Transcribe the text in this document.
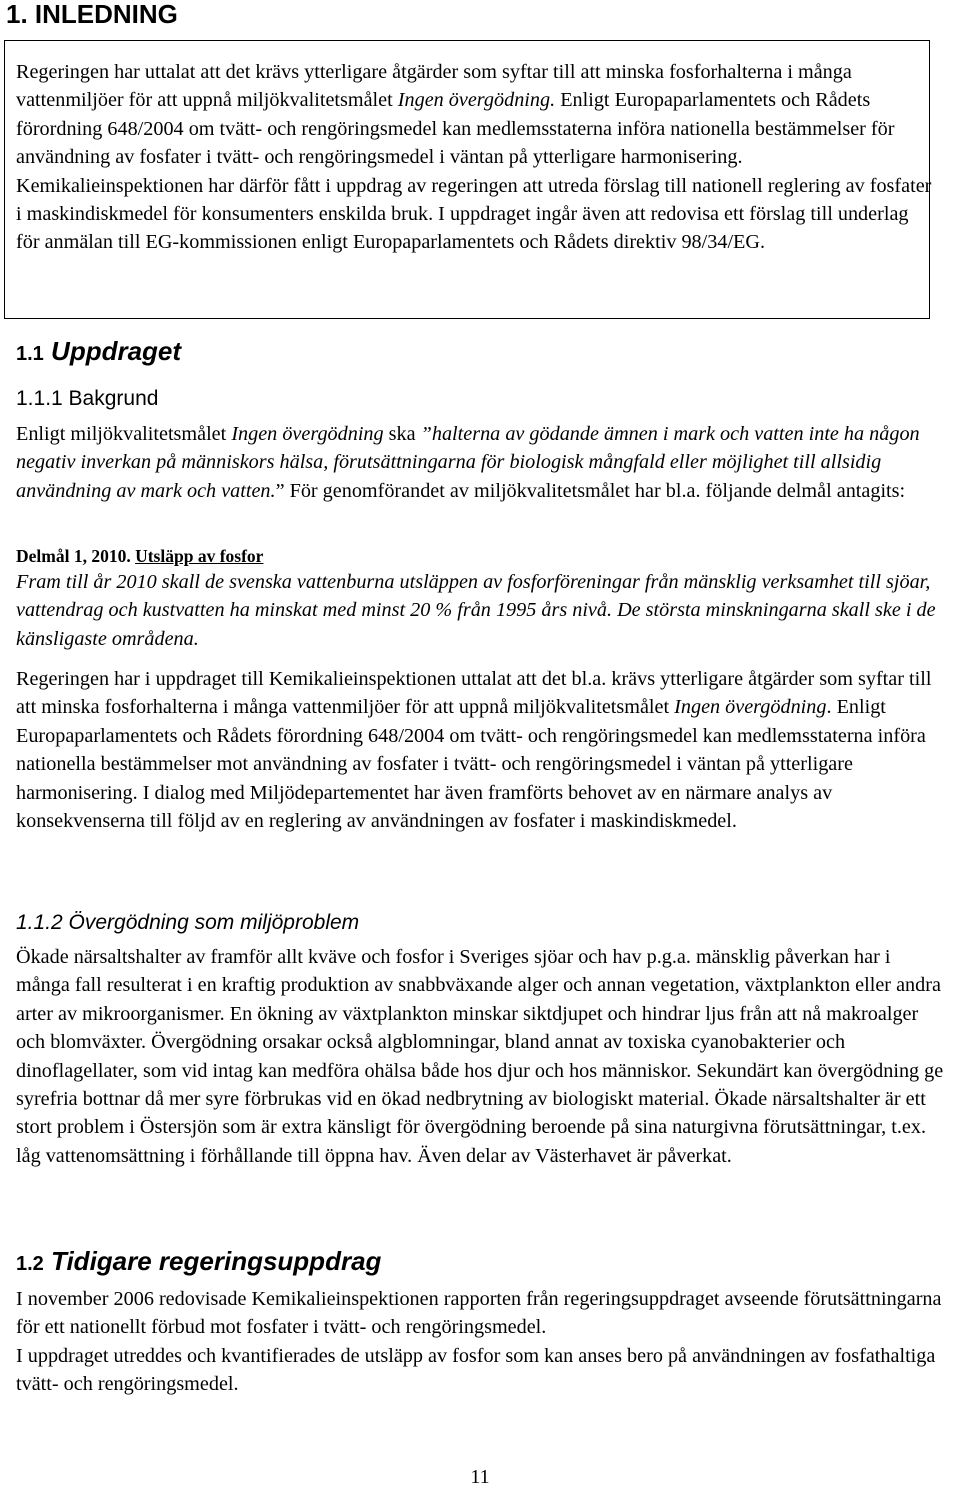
1. INLEDNING

Regeringen har uttalat att det krävs ytterligare åtgärder som syftar till att minska fosforhalterna i många vattenmiljöer för att uppnå miljökvalitetsmålet Ingen övergödning. Enligt Europaparlamentets och Rådets förordning 648/2004 om tvätt- och rengöringsmedel kan medlemsstaterna införa nationella bestämmelser för användning av fosfater i tvätt- och rengöringsmedel i väntan på ytterligare harmonisering. Kemikalieinspektionen har därför fått i uppdrag av regeringen att utreda förslag till nationell reglering av fosfater i maskindiskmedel för konsumenters enskilda bruk. I uppdraget ingår även att redovisa ett förslag till underlag för anmälan till EG-kommissionen enligt Europaparlamentets och Rådets direktiv 98/34/EG.

1.1 Uppdraget
1.1.1 Bakgrund

Enligt miljökvalitetsmålet Ingen övergödning ska ”halterna av gödande ämnen i mark och vatten inte ha någon negativ inverkan på människors hälsa, förutsättningarna för biologisk mångfald eller möjlighet till allsidig användning av mark och vatten.” För genomförandet av miljökvalitetsmålet har bl.a. följande delmål antagits:

Delmål 1, 2010. Utsläpp av fosfor

Fram till år 2010 skall de svenska vattenburna utsläppen av fosforföreningar från mänsklig verksamhet till sjöar, vattendrag och kustvatten ha minskat med minst 20 % från 1995 års nivå. De största minskningarna skall ske i de känsligaste områdena.

Regeringen har i uppdraget till Kemikalieinspektionen uttalat att det bl.a. krävs ytterligare åtgärder som syftar till att minska fosforhalterna i många vattenmiljöer för att uppnå miljökvalitetsmålet Ingen övergödning. Enligt Europaparlamentets och Rådets förordning 648/2004 om tvätt- och rengöringsmedel kan medlemsstaterna införa nationella bestämmelser mot användning av fosfater i tvätt- och rengöringsmedel i väntan på ytterligare harmonisering. I dialog med Miljödepartementet har även framförts behovet av en närmare analys av konsekvenserna till följd av en reglering av användningen av fosfater i maskindiskmedel.

1.1.2 Övergödning som miljöproblem

Ökade närsaltshalter av framför allt kväve och fosfor i Sveriges sjöar och hav p.g.a. mänsklig påverkan har i många fall resulterat i en kraftig produktion av snabbväxande alger och annan vegetation, växtplankton eller andra arter av mikroorganismer. En ökning av växtplankton minskar siktdjupet och hindrar ljus från att nå makroalger och blomväxter. Övergödning orsakar också algblomningar, bland annat av toxiska cyanobakterier och dinoflagellater, som vid intag kan medföra ohälsa både hos djur och hos människor. Sekundärt kan övergödning ge syrefria bottnar då mer syre förbrukas vid en ökad nedbrytning av biologiskt material. Ökade närsaltshalter är ett stort problem i Östersjön som är extra känsligt för övergödning beroende på sina naturgivna förutsättningar, t.ex. låg vattenomsättning i förhållande till öppna hav. Även delar av Västerhavet är påverkat.

1.2 Tidigare regeringsuppdrag

I november 2006 redovisade Kemikalieinspektionen rapporten från regeringsuppdraget avseende förutsättningarna för ett nationellt förbud mot fosfater i tvätt- och rengöringsmedel.

I uppdraget utreddes och kvantifierades de utsläpp av fosfor som kan anses bero på användningen av fosfathaltiga tvätt- och rengöringsmedel.

11
